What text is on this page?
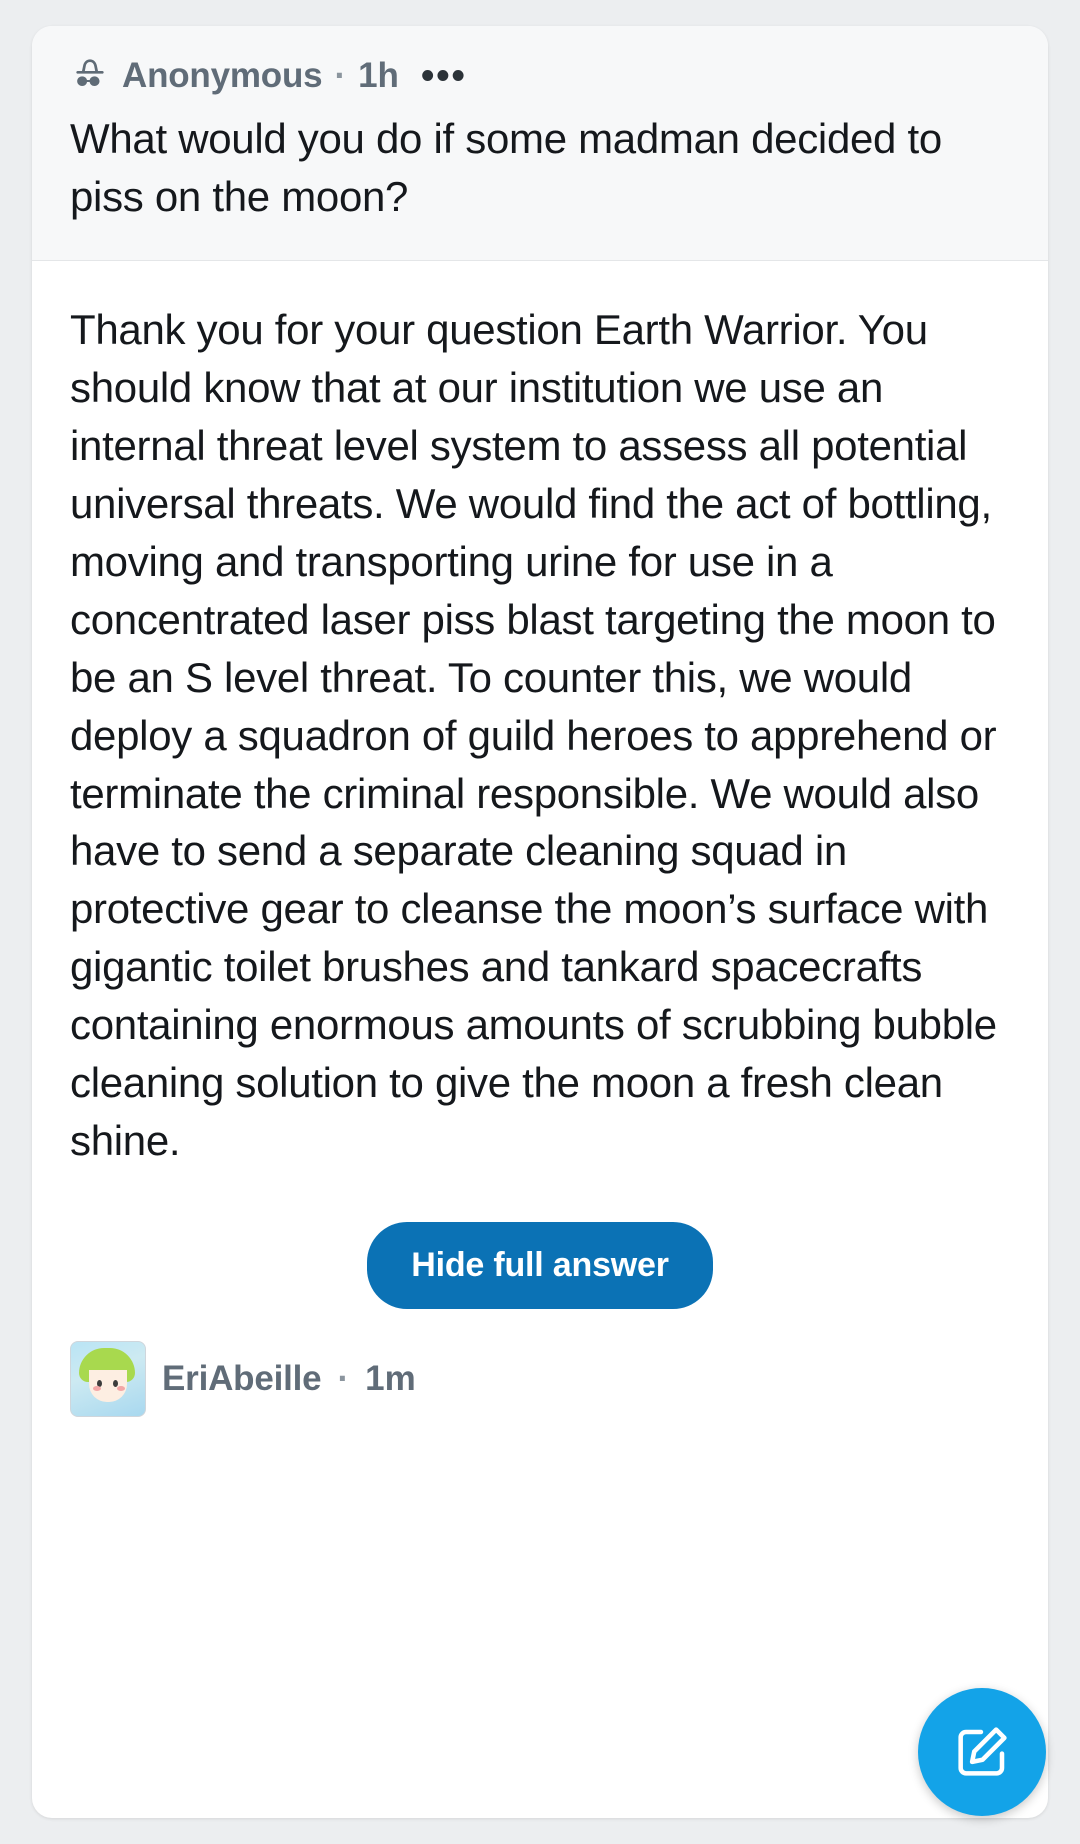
Anonymous · 1h •••
What would you do if some madman decided to piss on the moon?
Thank you for your question Earth Warrior. You should know that at our institution we use an internal threat level system to assess all potential universal threats. We would find the act of bottling, moving and transporting urine for use in a concentrated laser piss blast targeting the moon to be an S level threat. To counter this, we would deploy a squadron of guild heroes to apprehend or terminate the criminal responsible. We would also have to send a separate cleaning squad in protective gear to cleanse the moon’s surface with gigantic toilet brushes and tankard spacecrafts containing enormous amounts of scrubbing bubble cleaning solution to give the moon a fresh clean shine.
Hide full answer
EriAbeille · 1m
